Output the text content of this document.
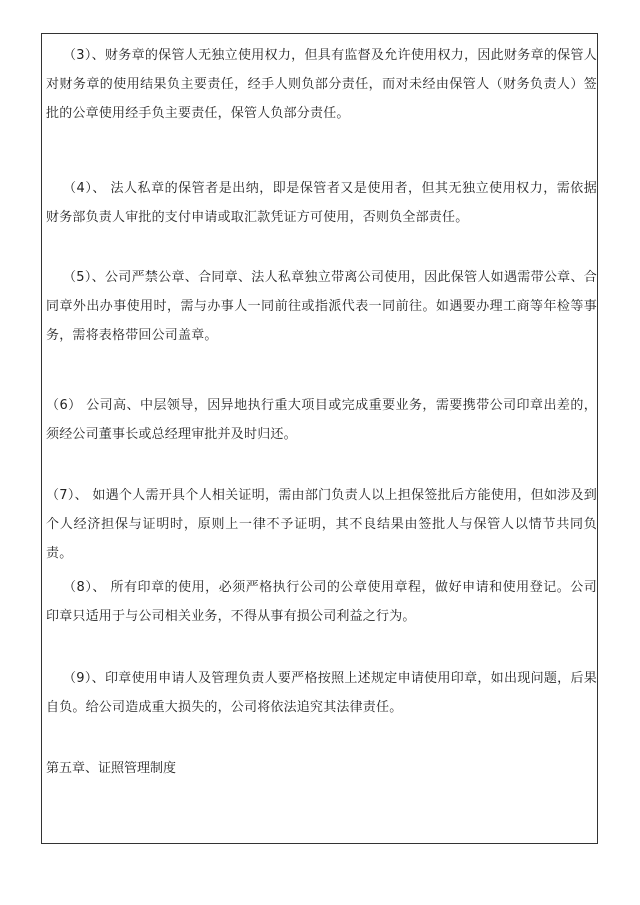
（3）、财务章的保管人无独立使用权力，但具有监督及允许使用权力，因此财务章的保管人对财务章的使用结果负主要责任，经手人则负部分责任，而对未经由保管人（财务负责人）签批的公章使用经手负主要责任，保管人负部分责任。

（4）、 法人私章的保管者是出纳，即是保管者又是使用者，但其无独立使用权力，需依据财务部负责人审批的支付申请或取汇款凭证方可使用，否则负全部责任。

（5）、公司严禁公章、合同章、法人私章独立带离公司使用，因此保管人如遇需带公章、合同章外出办事使用时，需与办事人一同前往或指派代表一同前往。如遇要办理工商等年检等事务，需将表格带回公司盖章。

（6） 公司高、中层领导，因异地执行重大项目或完成重要业务，需要携带公司印章出差的，须经公司董事长或总经理审批并及时归还。

（7）、 如遇个人需开具个人相关证明，需由部门负责人以上担保签批后方能使用，但如涉及到个人经济担保与证明时，原则上一律不予证明，其不良结果由签批人与保管人以情节共同负责。

（8）、 所有印章的使用，必须严格执行公司的公章使用章程，做好申请和使用登记。公司印章只适用于与公司相关业务，不得从事有损公司利益之行为。

（9）、印章使用申请人及管理负责人要严格按照上述规定申请使用印章，如出现问题，后果自负。给公司造成重大损失的，公司将依法追究其法律责任。

第五章、证照管理制度
